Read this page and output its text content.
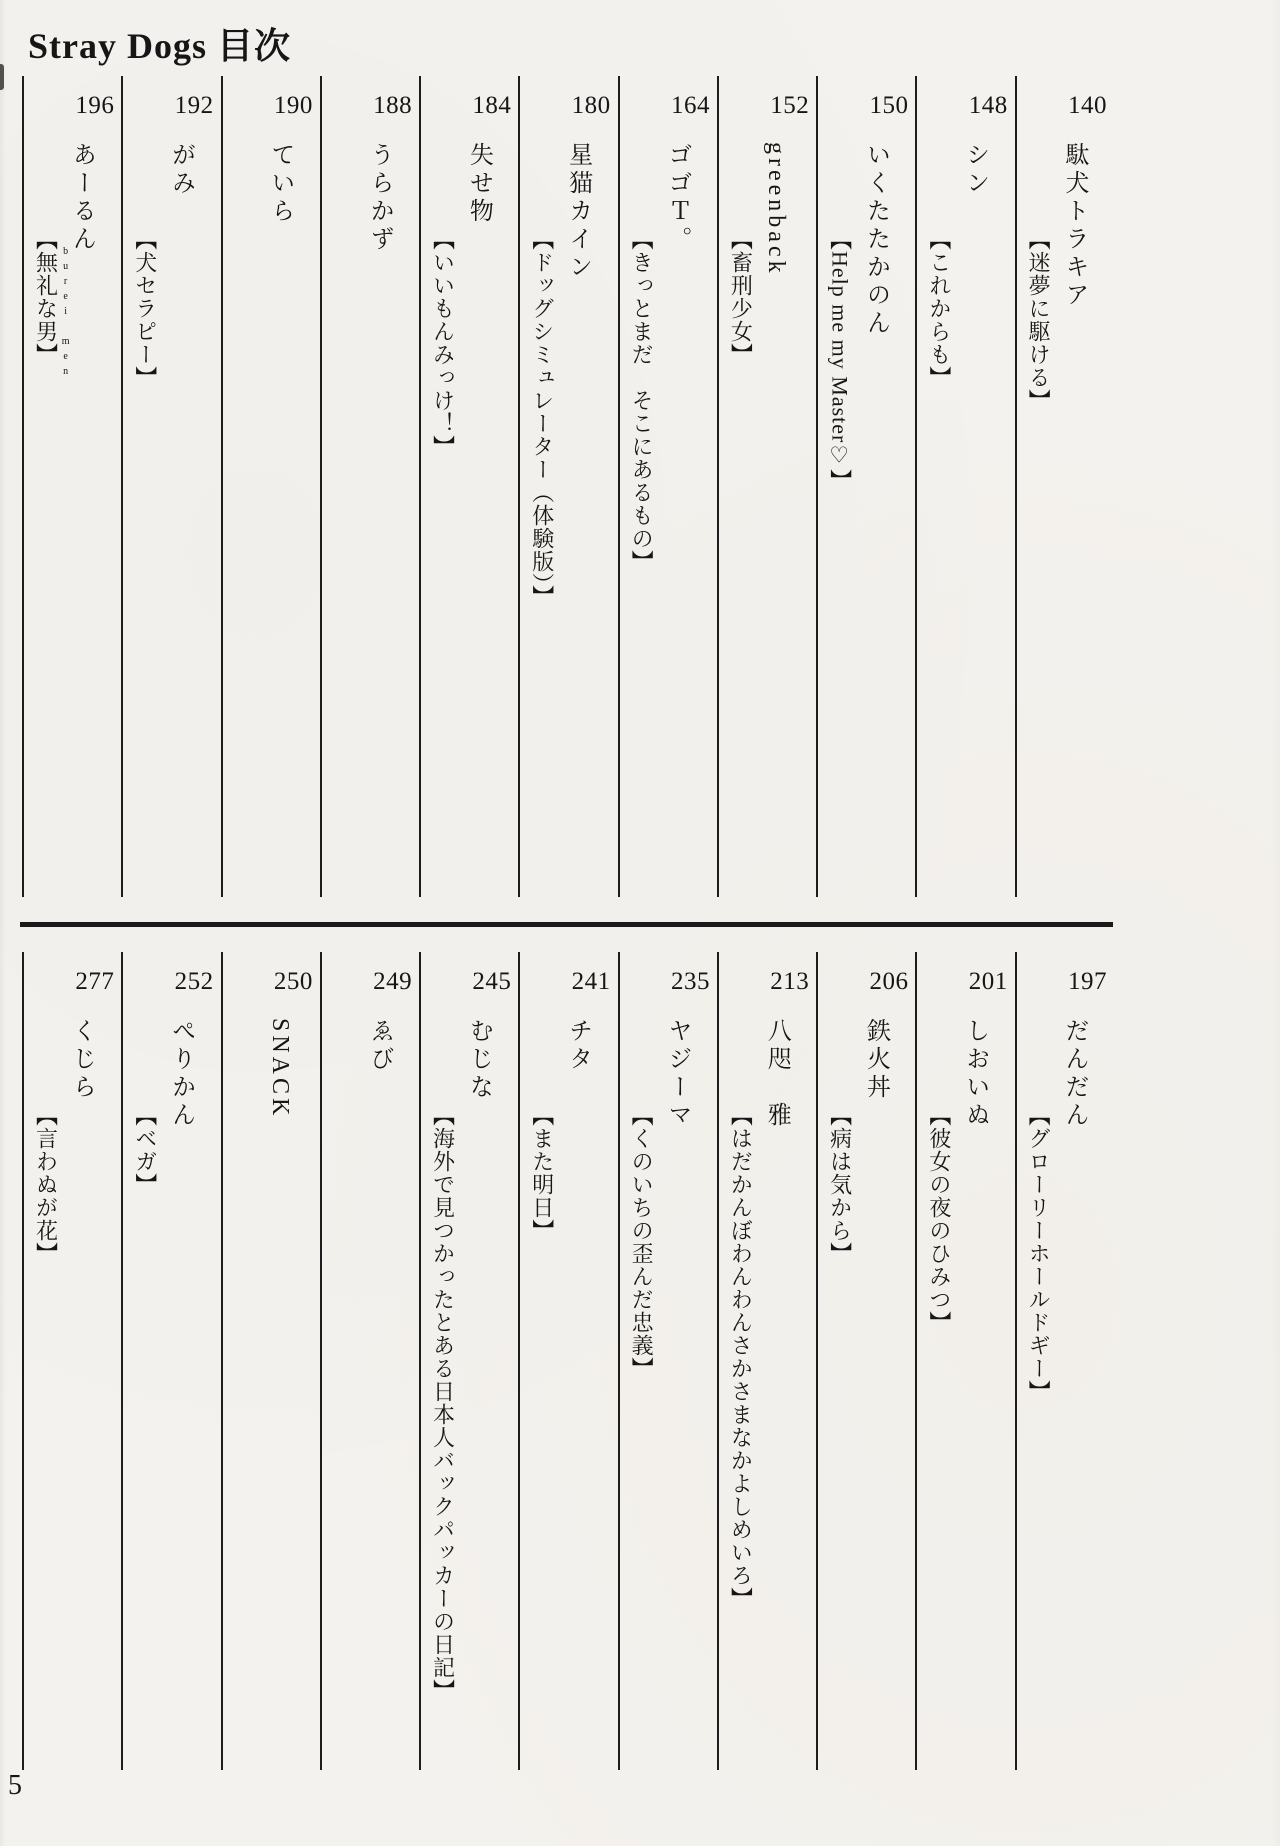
Stray Dogs 目次
140
駄犬トラキア
【迷夢に駆ける】
148
シン
【これからも】
150
いくたたかのん
【Help me my Master♡】
152
greenback
【畜刑少女】
164
ゴゴＴ。
【きっとまだ　そこにあるもの】
180
星猫カイン
【ドッグシミュレーター（体験版）】
184
失せ物
【いいもんみっけ！】
188
うらかず
190
ていら
192
がみ
【犬セラピー】
196
あーるん
【無礼な男】 burei men
197
だんだん
【グローリーホールドギー】
201
しおいぬ
【彼女の夜のひみつ】
206
鉄火丼
【病は気から】
213
八咫　雅
【はだかんぼわんわんさかさまなかよしめいろ】
235
ヤジーマ
【くのいちの歪んだ忠義】
241
チタ
【また明日】
245
むじな
【海外で見つかったとある日本人バックパッカーの日記】
249
ゑび
250
SNACK
252
ぺりかん
【ベガ】
277
くじら
【言わぬが花】
5
